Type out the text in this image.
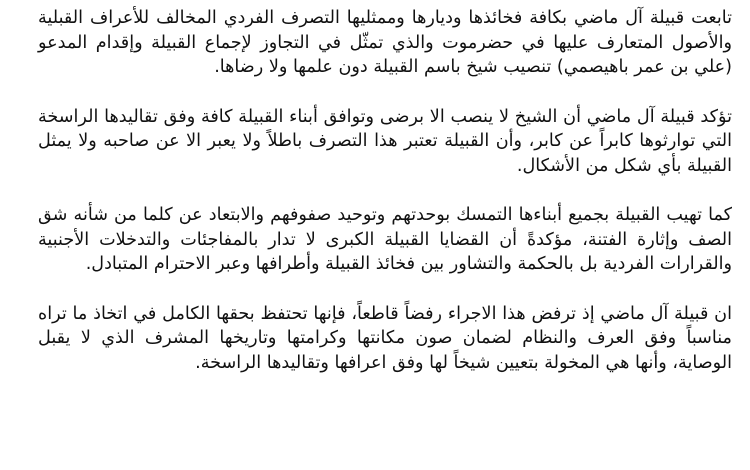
تابعت قبيلة آل ماضي بكافة فخائذها وديارها وممثليها التصرف الفردي المخالف للأعراف القبلية والأصول المتعارف عليها في حضرموت والذي تمثّل في التجاوز لإجماع القبيلة وإقدام المدعو (علي بن عمر باهيصمي) تنصيب شيخ باسم القبيلة دون علمها ولا رضاها.

تؤكد قبيلة آل ماضي أن الشيخ لا ينصب الا برضى وتوافق أبناء القبيلة كافة وفق تقاليدها الراسخة التي توارثوها كابراً عن كابر، وأن القبيلة تعتبر هذا التصرف باطلاً ولا يعبر الا عن صاحبه ولا يمثل القبيلة بأي شكل من الأشكال.

كما تهيب القبيلة بجميع أبناءها التمسك بوحدتهم وتوحيد صفوفهم والابتعاد عن كلما من شأنه شق الصف وإثارة الفتنة، مؤكدةً أن القضايا القبيلة الكبرى لا تدار بالمفاجئات والتدخلات الأجنبية والقرارات الفردية بل بالحكمة والتشاور بين فخائذ القبيلة وأطرافها وعبر الاحترام المتبادل.

ان قبيلة آل ماضي إذ ترفض هذا الاجراء رفضاً قاطعاً، فإنها تحتفظ بحقها الكامل في اتخاذ ما تراه مناسباً وفق العرف والنظام لضمان صون مكانتها وكرامتها وتاريخها المشرف الذي لا يقبل الوصاية، وأنها هي المخولة بتعيين شيخاً لها وفق اعرافها وتقاليدها الراسخة.
